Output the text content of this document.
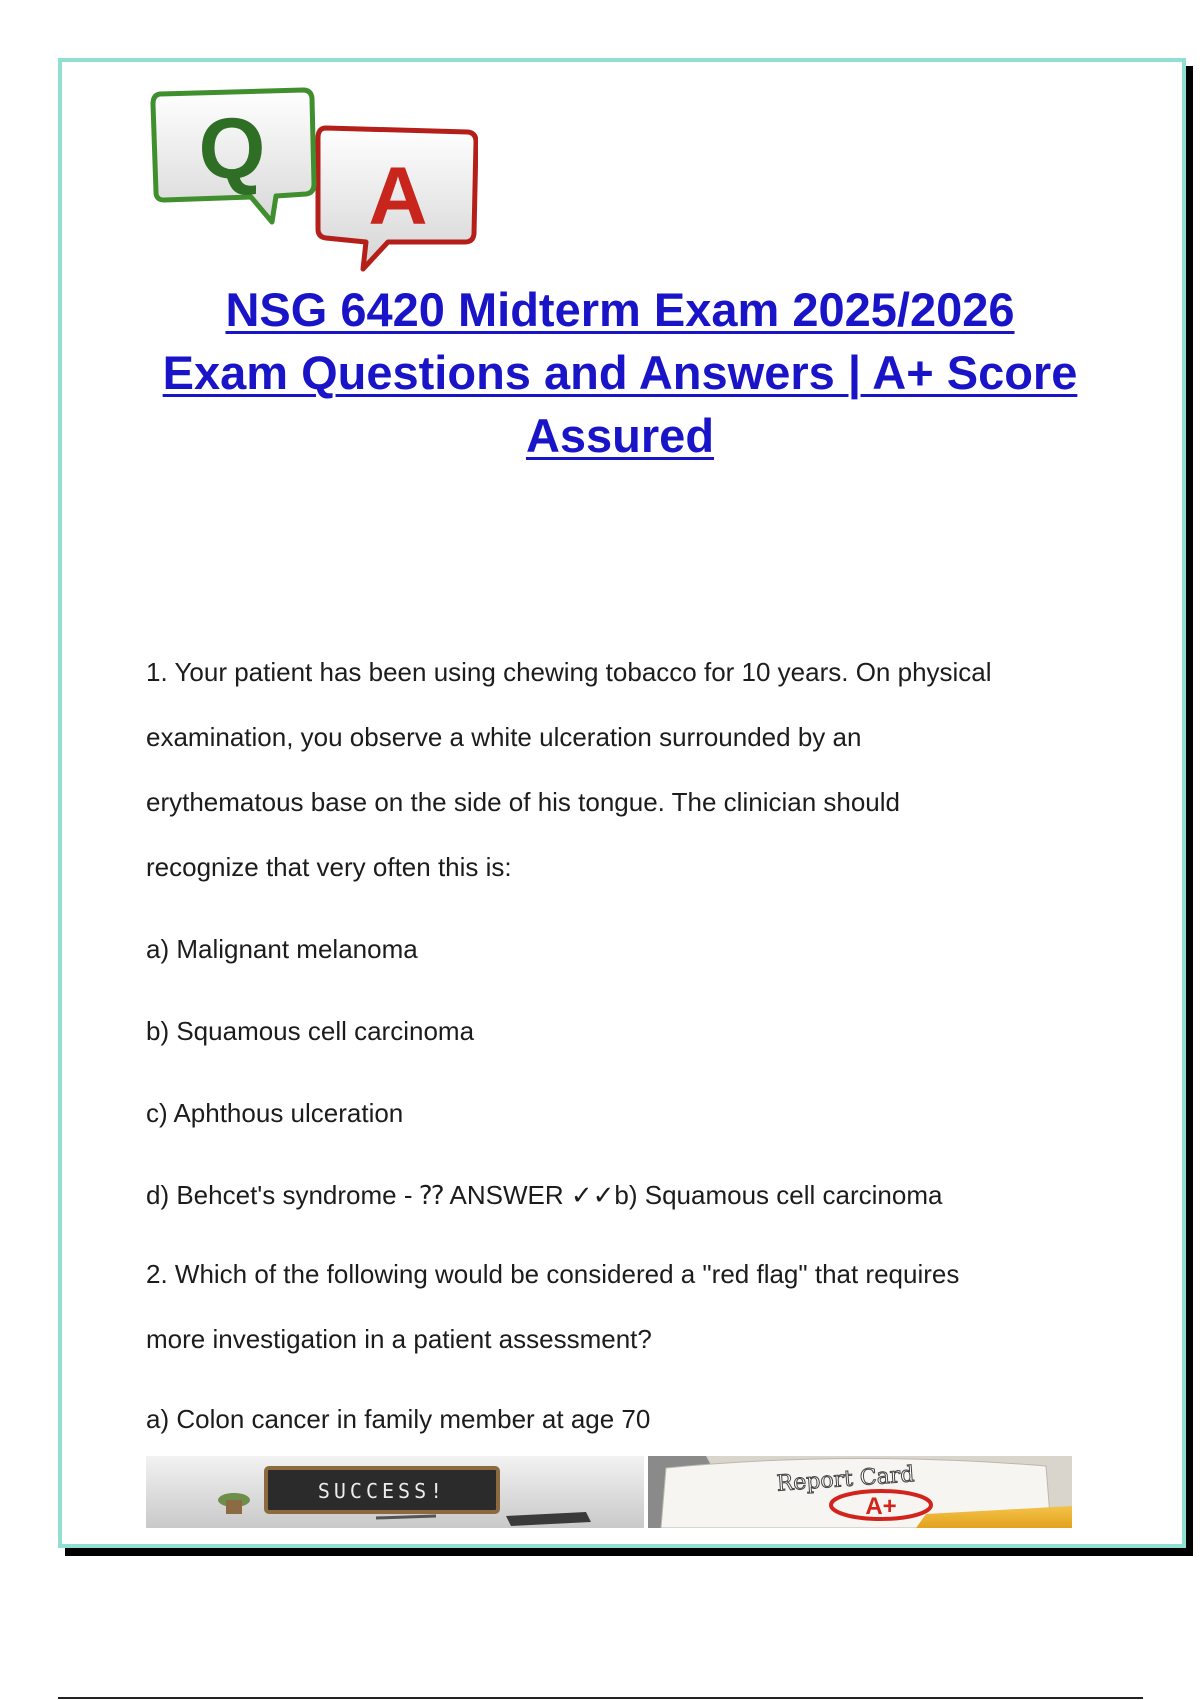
A
Q
NSG 6420 Midterm Exam 2025/2026
Exam Questions and Answers | A+ Score
Assured

1. Your patient has been using chewing tobacco for 10 years. On physical

examination, you observe a white ulceration surrounded by an

erythematous base on the side of his tongue. The clinician should

recognize that very often this is:

a) Malignant melanoma

b) Squamous cell carcinoma

c) Aphthous ulceration

d) Behcet's syndrome - ⁇ ANSWER ✓✓b) Squamous cell carcinoma

2. Which of the following would be considered a "red flag" that requires

more investigation in a patient assessment?

a) Colon cancer in family member at age 70

SUCCESS!	Report Card
A+
